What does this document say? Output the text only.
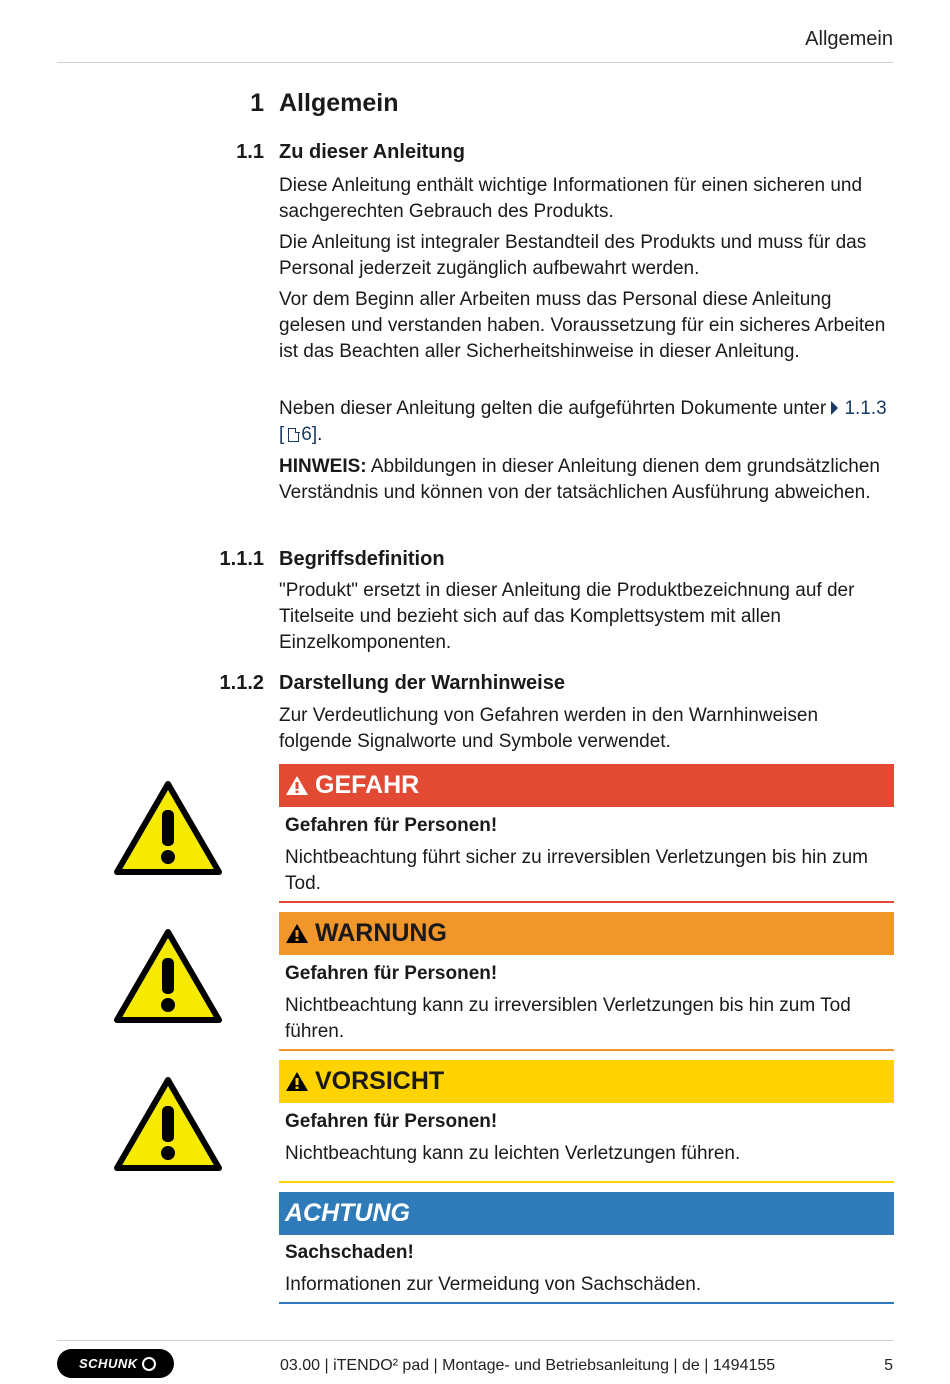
Allgemein
1 Allgemein
1.1 Zu dieser Anleitung
Diese Anleitung enthält wichtige Informationen für einen sicheren und sachgerechten Gebrauch des Produkts.
Die Anleitung ist integraler Bestandteil des Produkts und muss für das Personal jederzeit zugänglich aufbewahrt werden.
Vor dem Beginn aller Arbeiten muss das Personal diese Anleitung gelesen und verstanden haben. Voraussetzung für ein sicheres Arbeiten ist das Beachten aller Sicherheitshinweise in dieser Anleitung.
Neben dieser Anleitung gelten die aufgeführten Dokumente unter 1.1.3 [ 6].
HINWEIS: Abbildungen in dieser Anleitung dienen dem grundsätzlichen Verständnis und können von der tatsächlichen Ausführung abweichen.
1.1.1 Begriffsdefinition
"Produkt" ersetzt in dieser Anleitung die Produktbezeichnung auf der Titelseite und bezieht sich auf das Komplettsystem mit allen Einzelkomponenten.
1.1.2 Darstellung der Warnhinweise
Zur Verdeutlichung von Gefahren werden in den Warnhinweisen folgende Signalworte und Symbole verwendet.
GEFAHR
Gefahren für Personen!
Nichtbeachtung führt sicher zu irreversiblen Verletzungen bis hin zum Tod.
WARNUNG
Gefahren für Personen!
Nichtbeachtung kann zu irreversiblen Verletzungen bis hin zum Tod führen.
VORSICHT
Gefahren für Personen!
Nichtbeachtung kann zu leichten Verletzungen führen.
ACHTUNG
Sachschaden!
Informationen zur Vermeidung von Sachschäden.
SCHUNK	03.00 | iTENDO² pad | Montage- und Betriebsanleitung | de | 1494155	5
